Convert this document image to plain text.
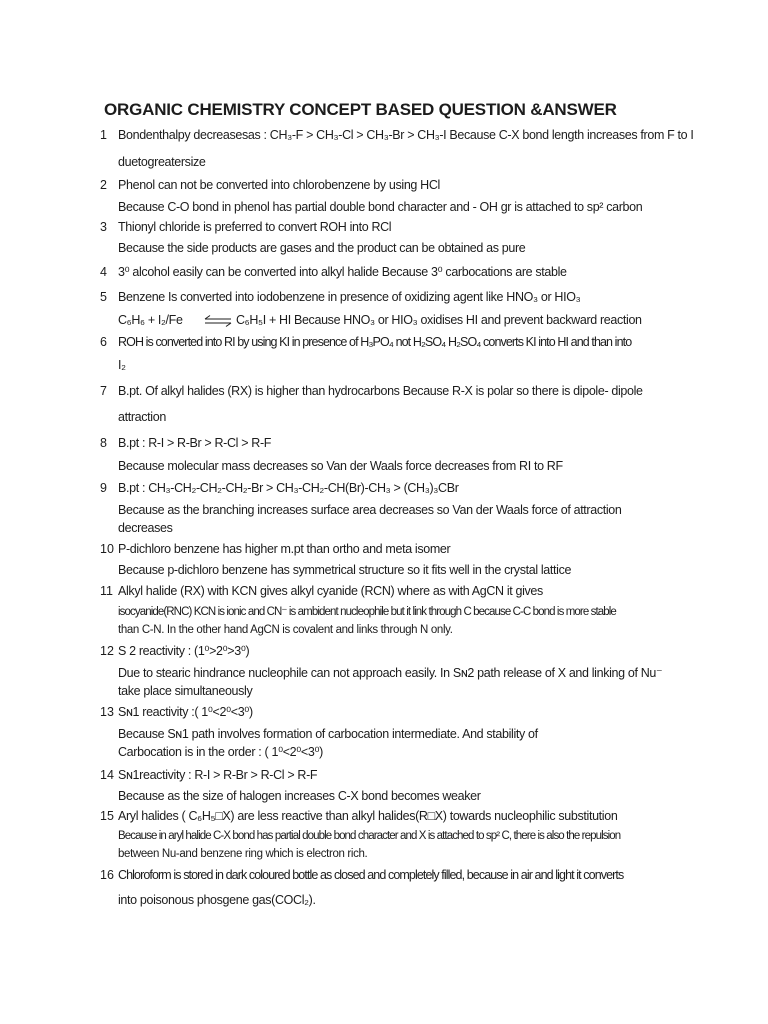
ORGANIC CHEMISTRY CONCEPT BASED QUESTION &ANSWER
1 Bondenthalpy decreasesas : CH₃-F > CH₃-Cl > CH₃-Br > CH₃-I Because C-X bond length increases from F to I
duetogreatersize
2 Phenol can not be converted into chlorobenzene by using HCl
Because C-O bond in phenol has partial double bond character and - OH gr is attached to sp² carbon
3 Thionyl chloride is preferred to convert ROH into RCl
Because the side products are gases and the product can be obtained as pure
4 3⁰ alcohol easily can be converted into alkyl halide Because 3⁰ carbocations are stable
5 Benzene Is converted into iodobenzene in presence of oxidizing agent like HNO₃ or HIO₃
C₆H₆ + I₂/Fe ⇌ C₆H₅I + HI Because HNO₃ or HIO₃ oxidises HI and prevent backward reaction
6 ROH is converted into RI by using KI in presence of H₃PO₄ not H₂SO₄ H₂SO₄ converts KI into HI and than into
I₂
7 B.pt. Of alkyl halides (RX) is higher than hydrocarbons Because R-X is polar so there is dipole- dipole
attraction
8 B.pt : R-I > R-Br > R-Cl > R-F
Because molecular mass decreases so Van der Waals force decreases from RI to RF
9 B.pt : CH₃-CH₂-CH₂-CH₂-Br > CH₃-CH₂-CH(Br)-CH₃ > (CH₃)₃CBr
Because as the branching increases surface area decreases so Van der Waals force of attraction
decreases
10 P-dichloro benzene has higher m.pt than ortho and meta isomer
Because p-dichloro benzene has symmetrical structure so it fits well in the crystal lattice
11 Alkyl halide (RX) with KCN gives alkyl cyanide (RCN) where as with AgCN it gives
isocyanide(RNC) KCN is ionic and CN⁻ is ambident nucleophile but it link through C because C-C bond is more stable
than C-N. In the other hand AgCN is covalent and links through N only.
12 S 2 reactivity : (1⁰>2⁰>3⁰)
Due to stearic hindrance nucleophile can not approach easily. In Sɴ2 path release of X and linking of Nu⁻
take place simultaneously
13 Sɴ1 reactivity :( 1⁰<2⁰<3⁰)
Because Sɴ1 path involves formation of carbocation intermediate. And stability of
Carbocation is in the order : ( 1⁰<2⁰<3⁰)
14 Sɴ1reactivity : R-I > R-Br > R-Cl > R-F
Because as the size of halogen increases C-X bond becomes weaker
15 Aryl halides ( C₆H₅□X) are less reactive than alkyl halides(R□X) towards nucleophilic substitution
Because in aryl halide C-X bond has partial double bond character and X is attached to sp² C, there is also the repulsion
between Nu-and benzene ring which is electron rich.
16 Chloroform is stored in dark coloured bottle as closed and completely filled, because in air and light it converts
into poisonous phosgene gas(COCl₂).
